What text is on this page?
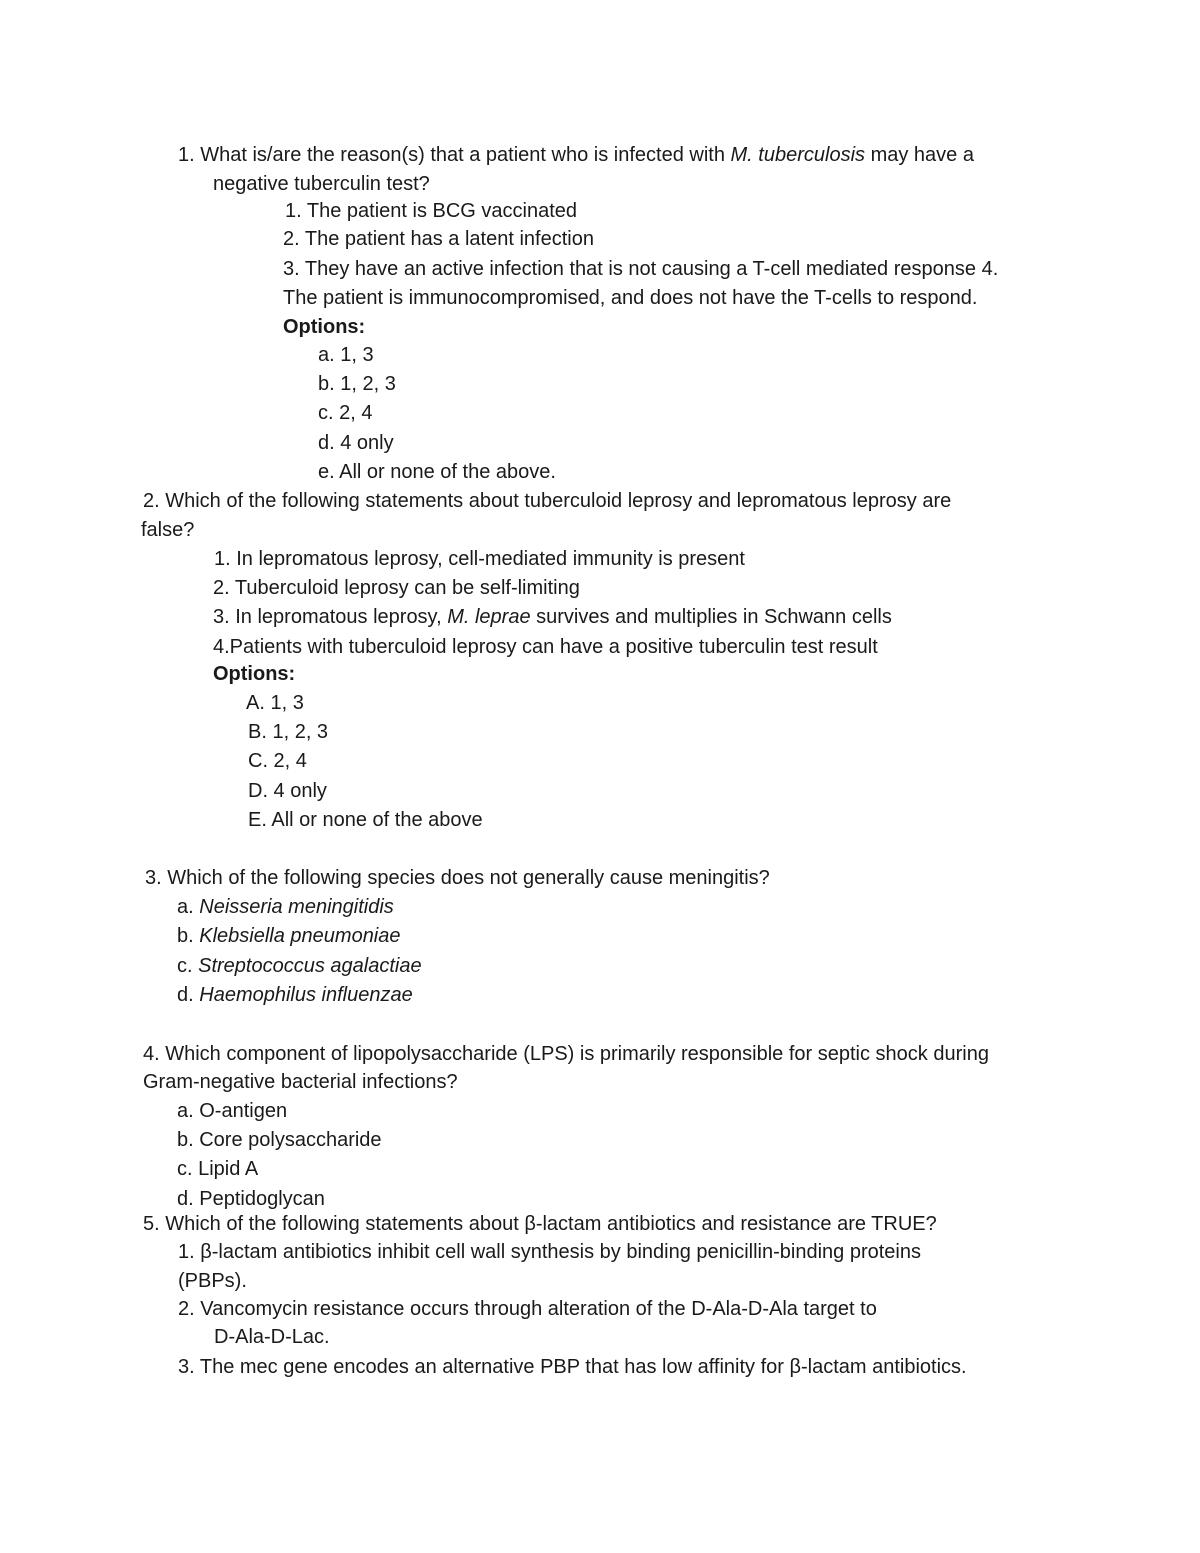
1. What is/are the reason(s) that a patient who is infected with M. tuberculosis may have a
negative tuberculin test?
1. The patient is BCG vaccinated
2. The patient has a latent infection
3. They have an active infection that is not causing a T-cell mediated response 4.
The patient is immunocompromised, and does not have the T-cells to respond.
Options:
a. 1, 3
b. 1, 2, 3
c. 2, 4
d. 4 only
e. All or none of the above.
2. Which of the following statements about tuberculoid leprosy and lepromatous leprosy are
false?
1. In lepromatous leprosy, cell-mediated immunity is present
2. Tuberculoid leprosy can be self-limiting
3. In lepromatous leprosy, M. leprae survives and multiplies in Schwann cells
4.Patients with tuberculoid leprosy can have a positive tuberculin test result
Options:
A. 1, 3
B. 1, 2, 3
C. 2, 4
D. 4 only
E. All or none of the above
3. Which of the following species does not generally cause meningitis?
a. Neisseria meningitidis
b. Klebsiella pneumoniae
c. Streptococcus agalactiae
d. Haemophilus influenzae
4. Which component of lipopolysaccharide (LPS) is primarily responsible for septic shock during
Gram-negative bacterial infections?
a. O-antigen
b. Core polysaccharide
c. Lipid A
d. Peptidoglycan
5. Which of the following statements about β-lactam antibiotics and resistance are TRUE?
1. β-lactam antibiotics inhibit cell wall synthesis by binding penicillin-binding proteins
(PBPs).
2. Vancomycin resistance occurs through alteration of the D-Ala-D-Ala target to
D-Ala-D-Lac.
3. The mec gene encodes an alternative PBP that has low affinity for β-lactam antibiotics.
